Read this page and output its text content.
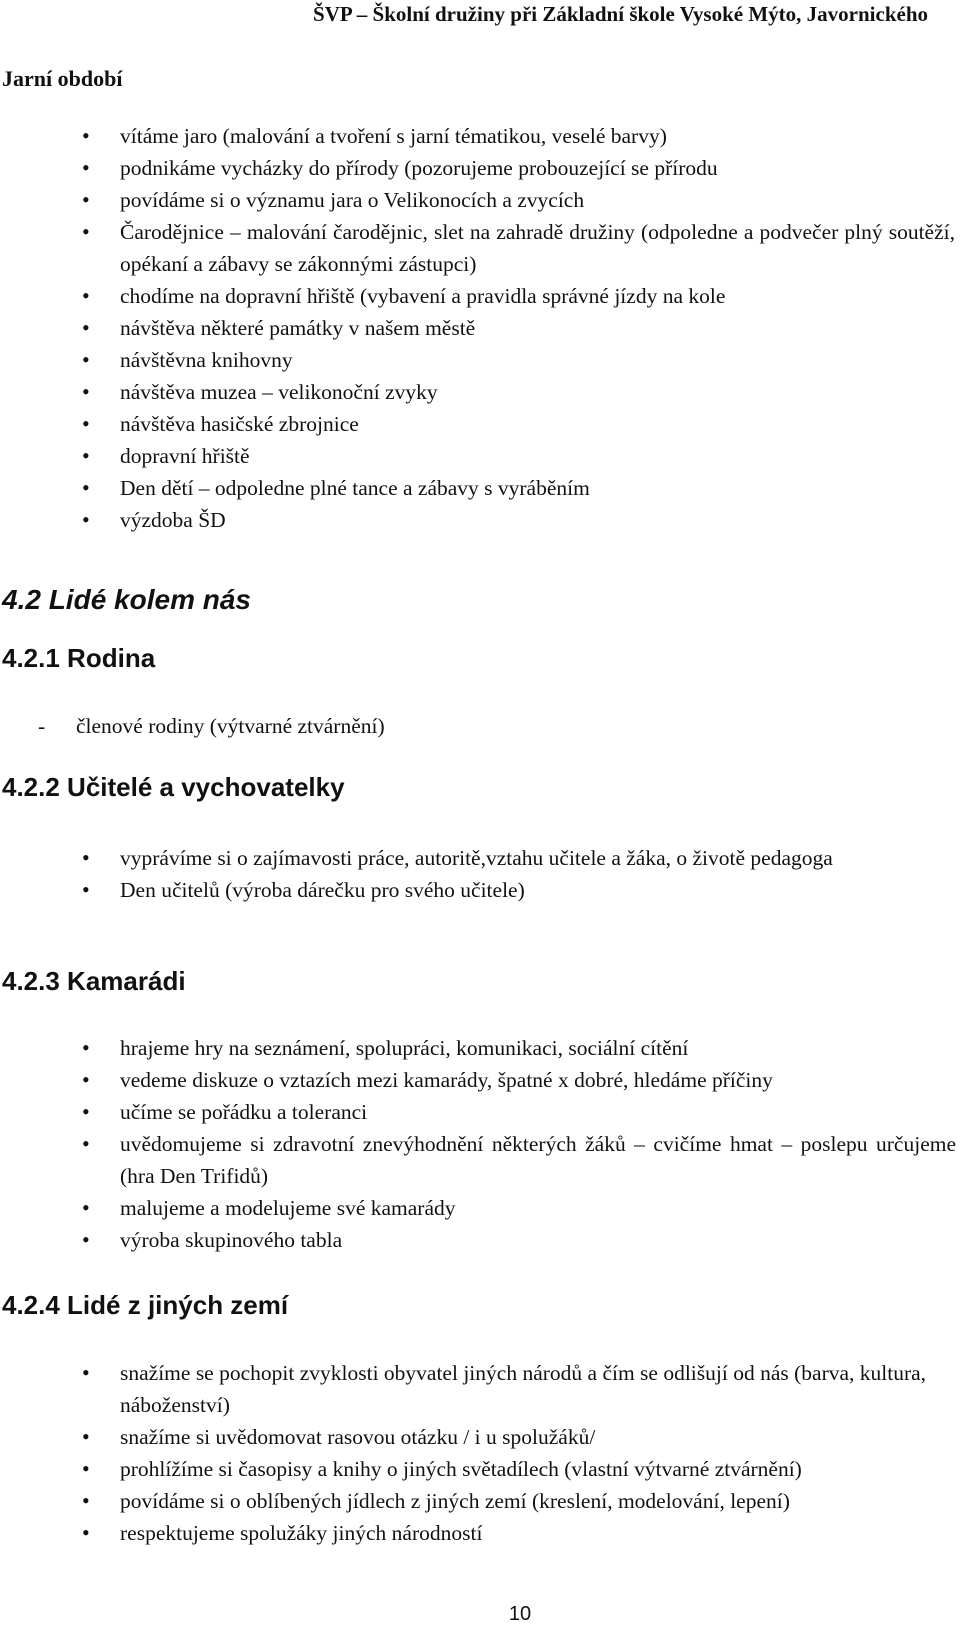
ŠVP – Školní družiny při Základní škole Vysoké Mýto, Javornického
Jarní období
• vítáme jaro (malování a tvoření s jarní tématikou, veselé barvy)
• podnikáme vycházky do přírody (pozorujeme probouzející se přírodu
• povídáme si o významu jara o Velikonocích a zvycích
• Čarodějnice – malování čarodějnic, slet na zahradě družiny (odpoledne a podvečer plný soutěží, opékaní a zábavy se zákonnými zástupci)
• chodíme na dopravní hřiště (vybavení a pravidla správné jízdy na kole
• návštěva některé památky v našem městě
• návštěvna knihovny
• návštěva muzea – velikonoční zvyky
• návštěva hasičské zbrojnice
• dopravní hřiště
• Den dětí – odpoledne plné tance a zábavy s vyráběním
• výzdoba ŠD
4.2 Lidé kolem nás
4.2.1 Rodina
- členové rodiny (výtvarné ztvárnění)
4.2.2 Učitelé a vychovatelky
• vyprávíme si o zajímavosti práce, autoritě,vztahu učitele a žáka, o životě pedagoga
• Den učitelů (výroba dárečku pro svého učitele)
4.2.3 Kamarádi
• hrajeme hry na seznámení, spolupráci, komunikaci, sociální cítění
• vedeme diskuze o vztazích mezi kamarády, špatné x dobré, hledáme příčiny
• učíme se pořádku a toleranci
• uvědomujeme si zdravotní znevýhodnění některých žáků – cvičíme hmat – poslepu určujeme (hra Den Trifidů)
• malujeme a modelujeme své kamarády
• výroba skupinového tabla
4.2.4 Lidé z jiných zemí
• snažíme se pochopit zvyklosti obyvatel jiných národů a čím se odlišují od nás (barva, kultura, náboženství)
• snažíme si uvědomovat rasovou otázku / i u spolužáků/
• prohlížíme si časopisy a knihy o jiných světadílech (vlastní výtvarné ztvárnění)
• povídáme si o oblíbených jídlech z jiných zemí (kreslení, modelování, lepení)
• respektujeme spolužáky jiných národností
10
